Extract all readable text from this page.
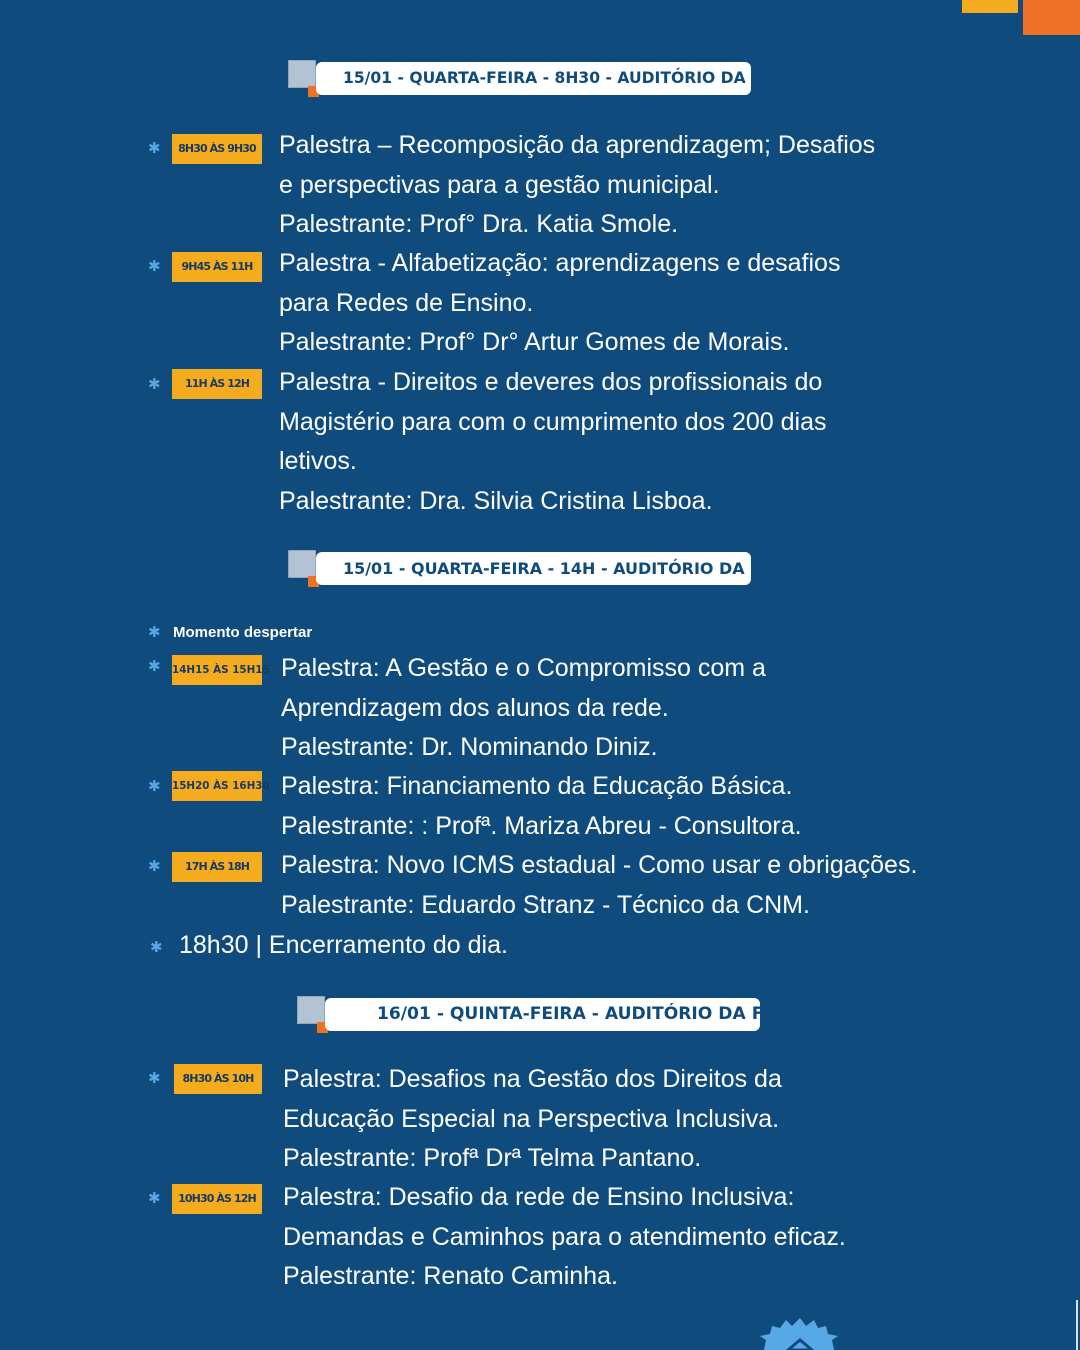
15/01 - QUARTA-FEIRA - 8H30 - AUDITÓRIO DA FOCO
✱	8H30 ÀS 9H30 Palestra – Recomposição da aprendizagem; Desafios
e perspectivas para a gestão municipal.
Palestrante: Prof° Dra. Katia Smole.
✱	9H45 ÀS 11H	Palestra - Alfabetização: aprendizagens e desafios
para Redes de Ensino.
Palestrante: Prof° Dr° Artur Gomes de Morais.
✱	11H ÀS 12H	Palestra - Direitos e deveres dos profissionais do
Magistério para com o cumprimento dos 200 dias
letivos.
Palestrante: Dra. Silvia Cristina Lisboa.
15/01 - QUARTA-FEIRA - 14H - AUDITÓRIO DA FOCO
✱ Momento despertar
✱ 14H15 ÀS 15H15 Palestra: A Gestão e o Compromisso com a
Aprendizagem dos alunos da rede.
Palestrante: Dr. Nominando Diniz.
✱ 15H20 ÀS 16H30 Palestra: Financiamento da Educação Básica.
Palestrante: : Profª. Mariza Abreu - Consultora.
✱	17H ÀS 18H	Palestra: Novo ICMS estadual - Como usar e obrigações.
Palestrante: Eduardo Stranz - Técnico da CNM.
✱ 18h30 | Encerramento do dia.
16/01 - QUINTA-FEIRA - AUDITÓRIO DA FOCO
✱	8H30 ÀS 10H	Palestra: Desafios na Gestão dos Direitos da
Educação Especial na Perspectiva Inclusiva.
Palestrante: Profª Drª Telma Pantano.
✱	10H30 ÀS 12H Palestra: Desafio da rede de Ensino Inclusiva:
Demandas e Caminhos para o atendimento eficaz.
Palestrante: Renato Caminha.
